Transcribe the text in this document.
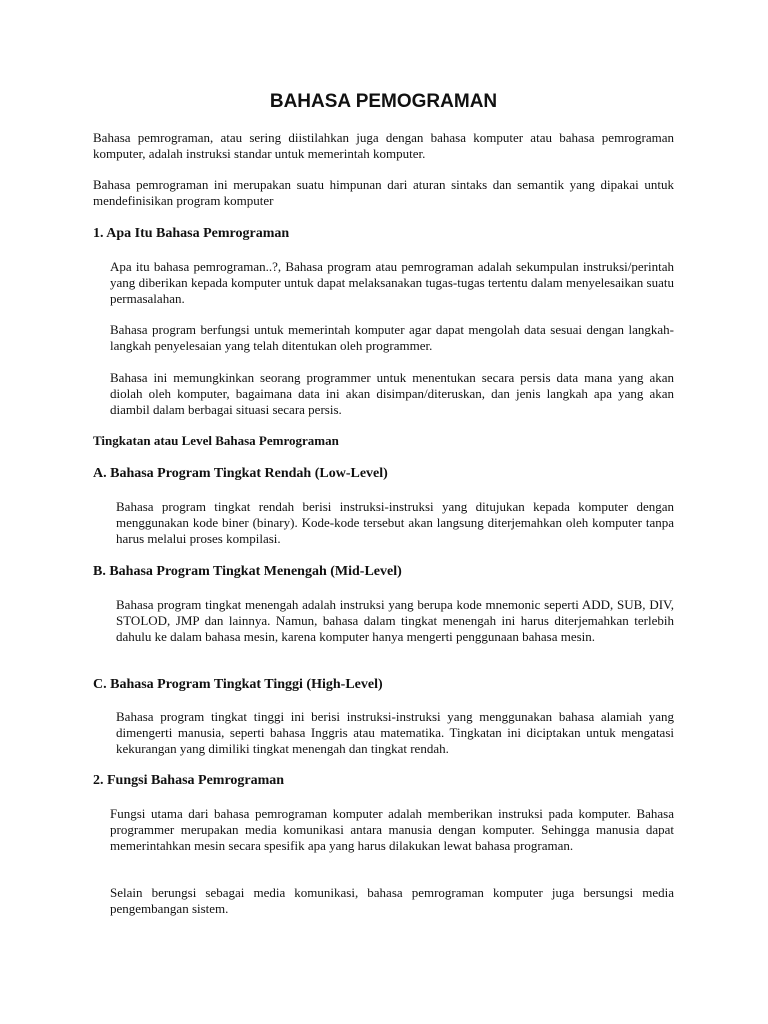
BAHASA PEMOGRAMAN

Bahasa pemrograman, atau sering diistilahkan juga dengan bahasa komputer atau bahasa pemrograman komputer, adalah instruksi standar untuk memerintah komputer.

Bahasa pemrograman ini merupakan suatu himpunan dari aturan sintaks dan semantik yang dipakai untuk mendefinisikan program komputer

1. Apa Itu Bahasa Pemrograman

Apa itu bahasa pemrograman..?, Bahasa program atau pemrograman adalah sekumpulan instruksi/perintah yang diberikan kepada komputer untuk dapat melaksanakan tugas-tugas tertentu dalam menyelesaikan suatu permasalahan.

Bahasa program berfungsi untuk memerintah komputer agar dapat mengolah data sesuai dengan langkah-langkah penyelesaian yang telah ditentukan oleh programmer.

Bahasa ini memungkinkan seorang programmer untuk menentukan secara persis data mana yang akan diolah oleh komputer, bagaimana data ini akan disimpan/diteruskan, dan jenis langkah apa yang akan diambil dalam berbagai situasi secara persis.

Tingkatan atau Level Bahasa Pemrograman
A. Bahasa Program Tingkat Rendah (Low-Level)

Bahasa program tingkat rendah berisi instruksi-instruksi yang ditujukan kepada komputer dengan menggunakan kode biner (binary). Kode-kode tersebut akan langsung diterjemahkan oleh komputer tanpa harus melalui proses kompilasi.

B. Bahasa Program Tingkat Menengah (Mid-Level)

Bahasa program tingkat menengah adalah instruksi yang berupa kode mnemonic seperti ADD, SUB, DIV, STOLOD, JMP dan lainnya. Namun, bahasa dalam tingkat menengah ini harus diterjemahkan terlebih dahulu ke dalam bahasa mesin, karena komputer hanya mengerti penggunaan bahasa mesin.

C. Bahasa Program Tingkat Tinggi (High-Level)

Bahasa program tingkat tinggi ini berisi instruksi-instruksi yang menggunakan bahasa alamiah yang dimengerti manusia, seperti bahasa Inggris atau matematika. Tingkatan ini diciptakan untuk mengatasi kekurangan yang dimiliki tingkat menengah dan tingkat rendah.

2. Fungsi Bahasa Pemrograman

Fungsi utama dari bahasa pemrograman komputer adalah memberikan instruksi pada komputer. Bahasa programmer merupakan media komunikasi antara manusia dengan komputer. Sehingga manusia dapat memerintahkan mesin secara spesifik apa yang harus dilakukan lewat bahasa programan.

Selain berungsi sebagai media komunikasi, bahasa pemrograman komputer juga bersungsi media pengembangan sistem.
